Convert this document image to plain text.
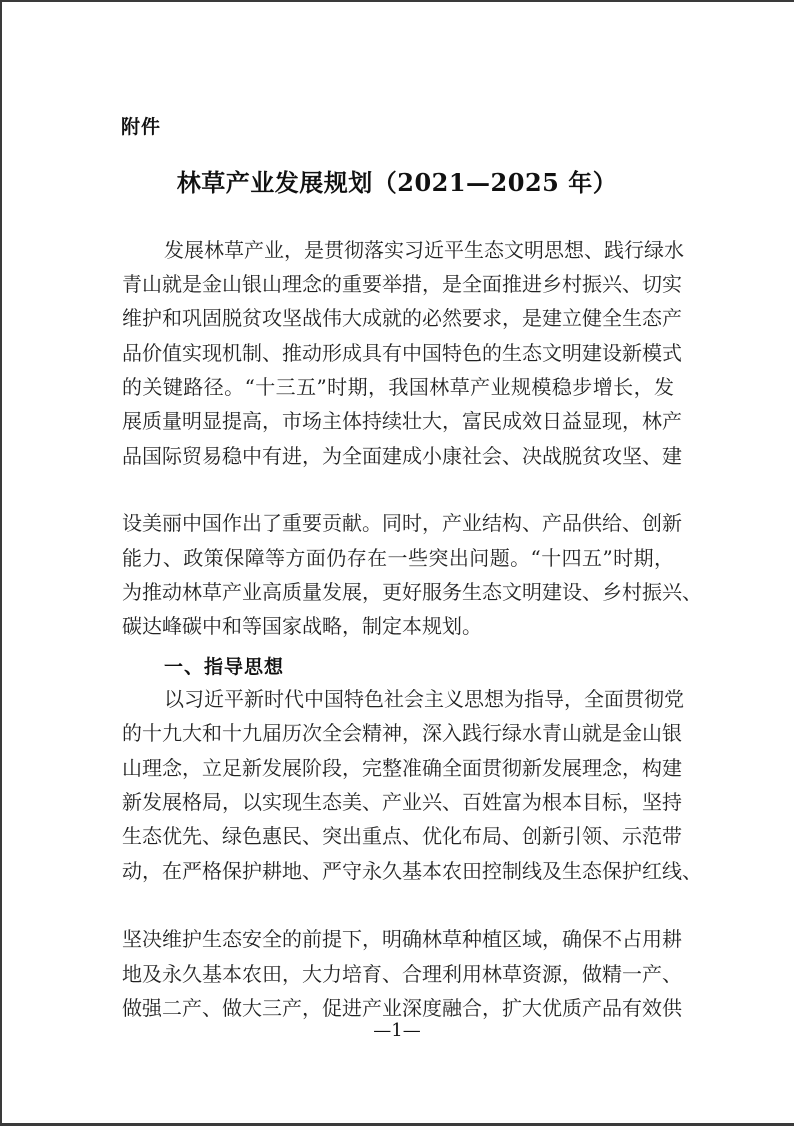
附件
林草产业发展规划（2021—2025 年）
发展林草产业，是贯彻落实习近平生态文明思想、践行绿水
青山就是金山银山理念的重要举措，是全面推进乡村振兴、切实
维护和巩固脱贫攻坚战伟大成就的必然要求，是建立健全生态产
品价值实现机制、推动形成具有中国特色的生态文明建设新模式
的关键路径。“十三五”时期，我国林草产业规模稳步增长，发
展质量明显提高，市场主体持续壮大，富民成效日益显现，林产
品国际贸易稳中有进，为全面建成小康社会、决战脱贫攻坚、建
设美丽中国作出了重要贡献。同时，产业结构、产品供给、创新
能力、政策保障等方面仍存在一些突出问题。“十四五”时期，
为推动林草产业高质量发展，更好服务生态文明建设、乡村振兴、
碳达峰碳中和等国家战略，制定本规划。
一、指导思想
以习近平新时代中国特色社会主义思想为指导，全面贯彻党
的十九大和十九届历次全会精神，深入践行绿水青山就是金山银
山理念，立足新发展阶段，完整准确全面贯彻新发展理念，构建
新发展格局，以实现生态美、产业兴、百姓富为根本目标，坚持
生态优先、绿色惠民、突出重点、优化布局、创新引领、示范带
动，在严格保护耕地、严守永久基本农田控制线及生态保护红线、
坚决维护生态安全的前提下，明确林草种植区域，确保不占用耕
地及永久基本农田，大力培育、合理利用林草资源，做精一产、
做强二产、做大三产，促进产业深度融合，扩大优质产品有效供
—1—
